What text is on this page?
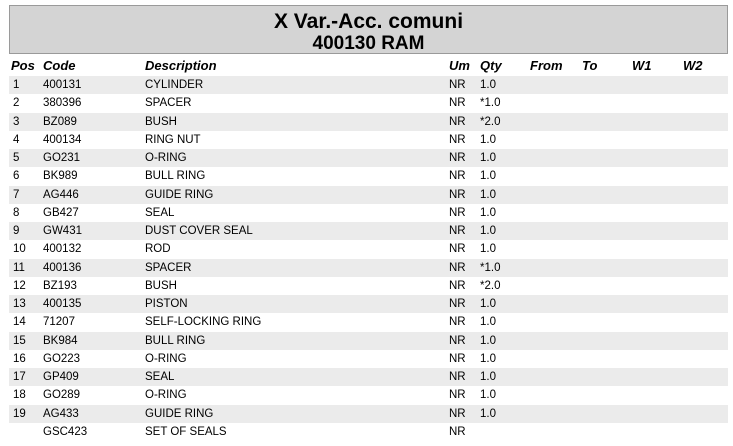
X Var.-Acc. comuni
400130 RAM
Pos Code	Description	Um Qty From To	W1 W2
1 400131	CYLINDER	NR 1.0
2 380396	SPACER	NR *1.0
3 BZ089	BUSH	NR *2.0
4 400134	RING NUT	NR 1.0
5 GO231	O-RING	NR 1.0
6 BK989	BULL RING	NR 1.0
7 AG446	GUIDE RING	NR 1.0
8 GB427	SEAL	NR 1.0
9 GW431	DUST COVER SEAL	NR 1.0
10 400132	ROD	NR 1.0
11 400136	SPACER	NR *1.0
12 BZ193	BUSH	NR *2.0
13 400135	PISTON	NR 1.0
14 71207	SELF-LOCKING RING	NR 1.0
15 BK984	BULL RING	NR 1.0
16 GO223	O-RING	NR 1.0
17 GP409	SEAL	NR 1.0
18 GO289	O-RING	NR 1.0
19 AG433	GUIDE RING	NR 1.0
GSC423	SET OF SEALS	NR
